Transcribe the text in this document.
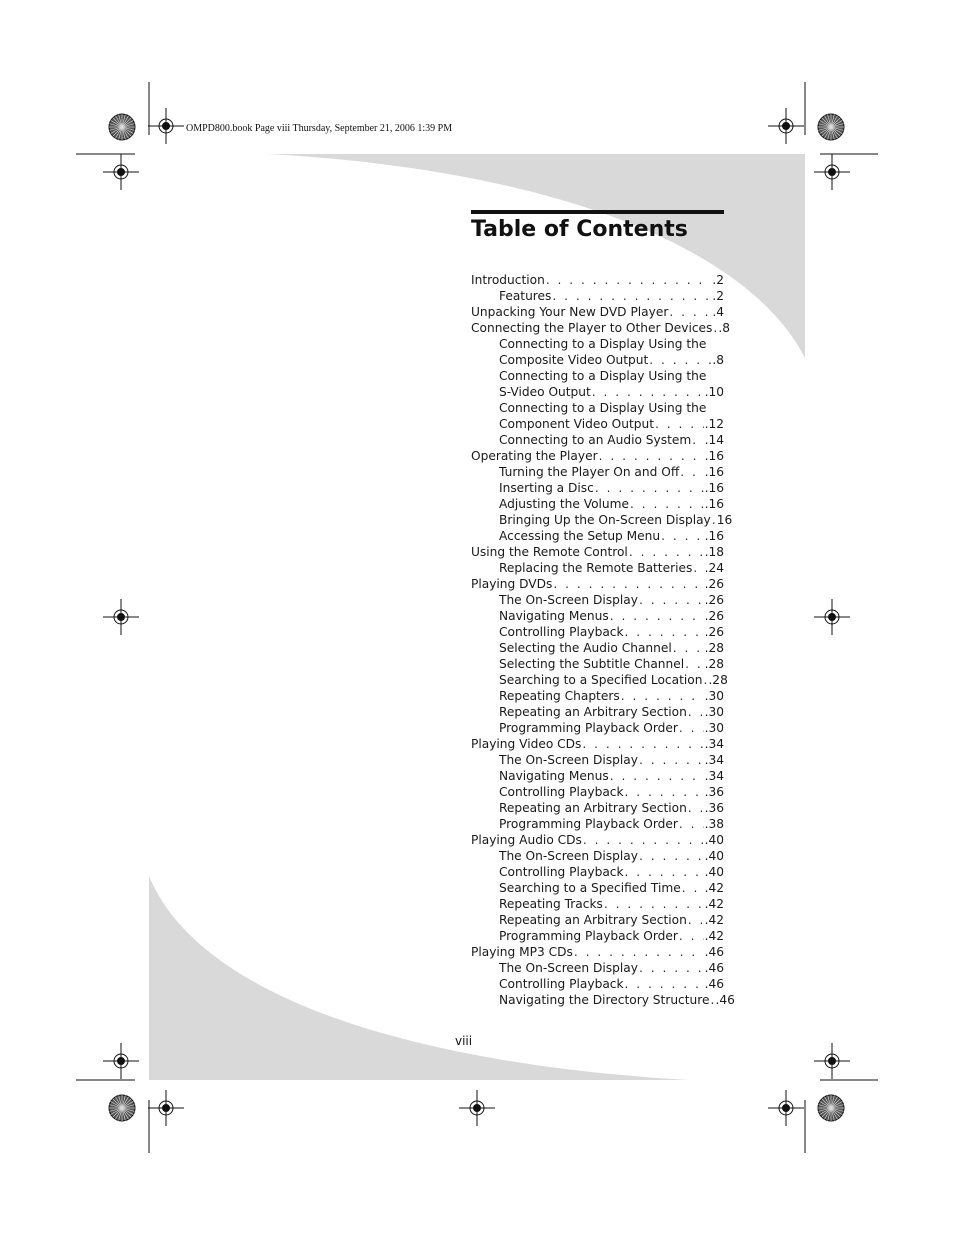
OMPD800.book Page viii Thursday, September 21, 2006 1:39 PM
Table of Contents
Introduction . . .	.2
Features . . .	.2
Unpacking Your New DVD Player . . .	.4
Connecting the Player to Other Devices . . . .8
Connecting to a Display Using the
Composite Video Output . . .	.8
Connecting to a Display Using the
S-Video Output . . .	.10
Connecting to a Display Using the
Component Video Output . . .	.12
Connecting to an Audio System . . . .14
Operating the Player . . .	.16
Turning the Player On and Off . . . .16
Inserting a Disc . . .	.16
Adjusting the Volume . . .	.16
Bringing Up the On-Screen Display . . . 16
Accessing the Setup Menu . . .	.16
Using the Remote Control . . .	.18
Replacing the Remote Batteries . . . .24
Playing DVDs . . .	.26
The On-Screen Display . . .	.26
Navigating Menus . . .	.26
Controlling Playback . . .	.26
Selecting the Audio Channel . . .	.28
Selecting the Subtitle Channel . . . .28
Searching to a Specified Location . . . .28
Repeating Chapters . . .	.30
Repeating an Arbitrary Section . . . .30
Programming Playback Order . . . .30
Playing Video CDs . . .	.34
The On-Screen Display . . .	.34
Navigating Menus . . .	.34
Controlling Playback . . .	.36
Repeating an Arbitrary Section . . . .36
Programming Playback Order . . . .38
Playing Audio CDs . . .	.40
The On-Screen Display . . .	.40
Controlling Playback . . .	.40
Searching to a Specified Time . . . .42
Repeating Tracks . . .	.42
Repeating an Arbitrary Section . . . .42
Programming Playback Order . . . .42
Playing MP3 CDs . . .	.46
The On-Screen Display . . .	.46
Controlling Playback . . .	.46
Navigating the Directory Structure . . . .46
viii
